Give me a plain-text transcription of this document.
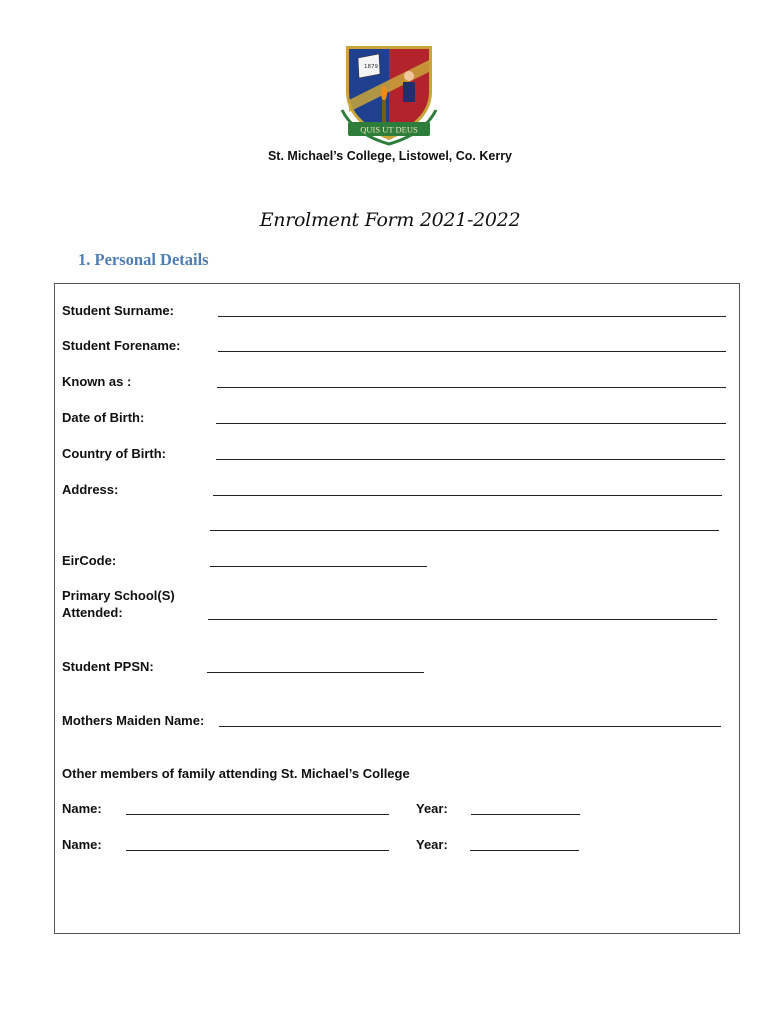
1879
QUIS UT DEUS
St. Michael’s College, Listowel, Co. Kerry
Enrolment Form 2021-2022
1. Personal Details
Student Surname:
Student Forename:
Known as :
Date of Birth:
Country of Birth:
Address:
EirCode:
Primary School(S)
Attended:
Student PPSN:
Mothers Maiden Name:
Other members of family attending St. Michael’s College
Name:	Year:
Name:	Year:
